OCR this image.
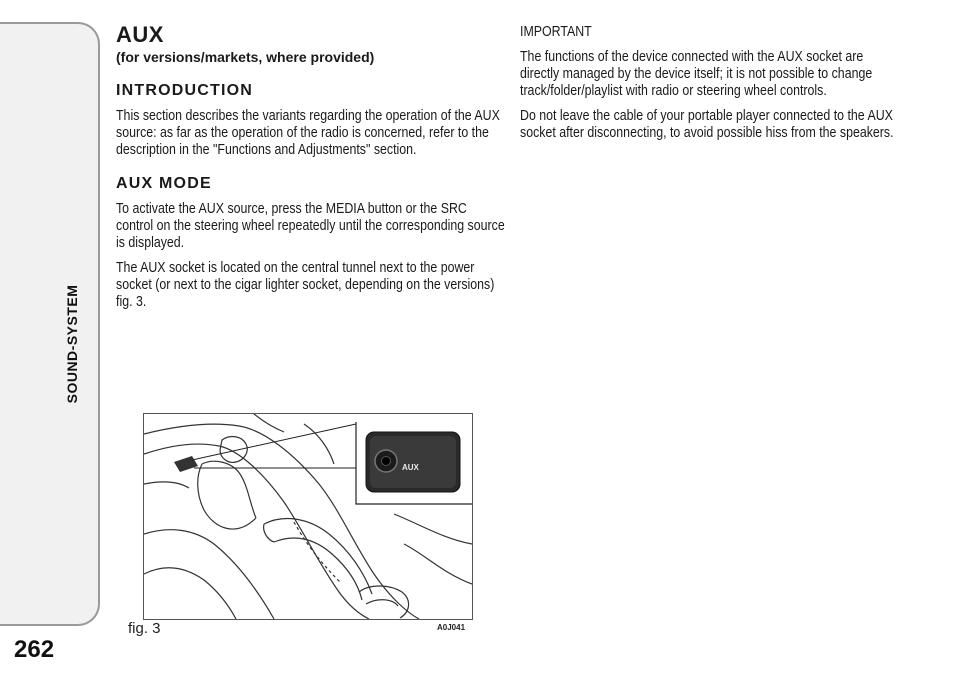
SOUND-SYSTEM
262
AUX
(for versions/markets, where provided)
INTRODUCTION

This section describes the variants regarding the operation of the AUX source: as far as the operation of the radio is concerned, refer to the description in the "Functions and Adjustments" section.

AUX MODE

To activate the AUX source, press the MEDIA button or the SRC control on the steering wheel repeatedly until the corresponding source is displayed.

The AUX socket is located on the central tunnel next to the power socket (or next to the cigar lighter socket, depending on the versions) fig. 3.

IMPORTANT

The functions of the device connected with the AUX socket are directly managed by the device itself; it is not possible to change track/folder/playlist with radio or steering wheel controls.

Do not leave the cable of your portable player connected to the AUX socket after disconnecting, to avoid possible hiss from the speakers.

AUX
fig. 3	A0J041
